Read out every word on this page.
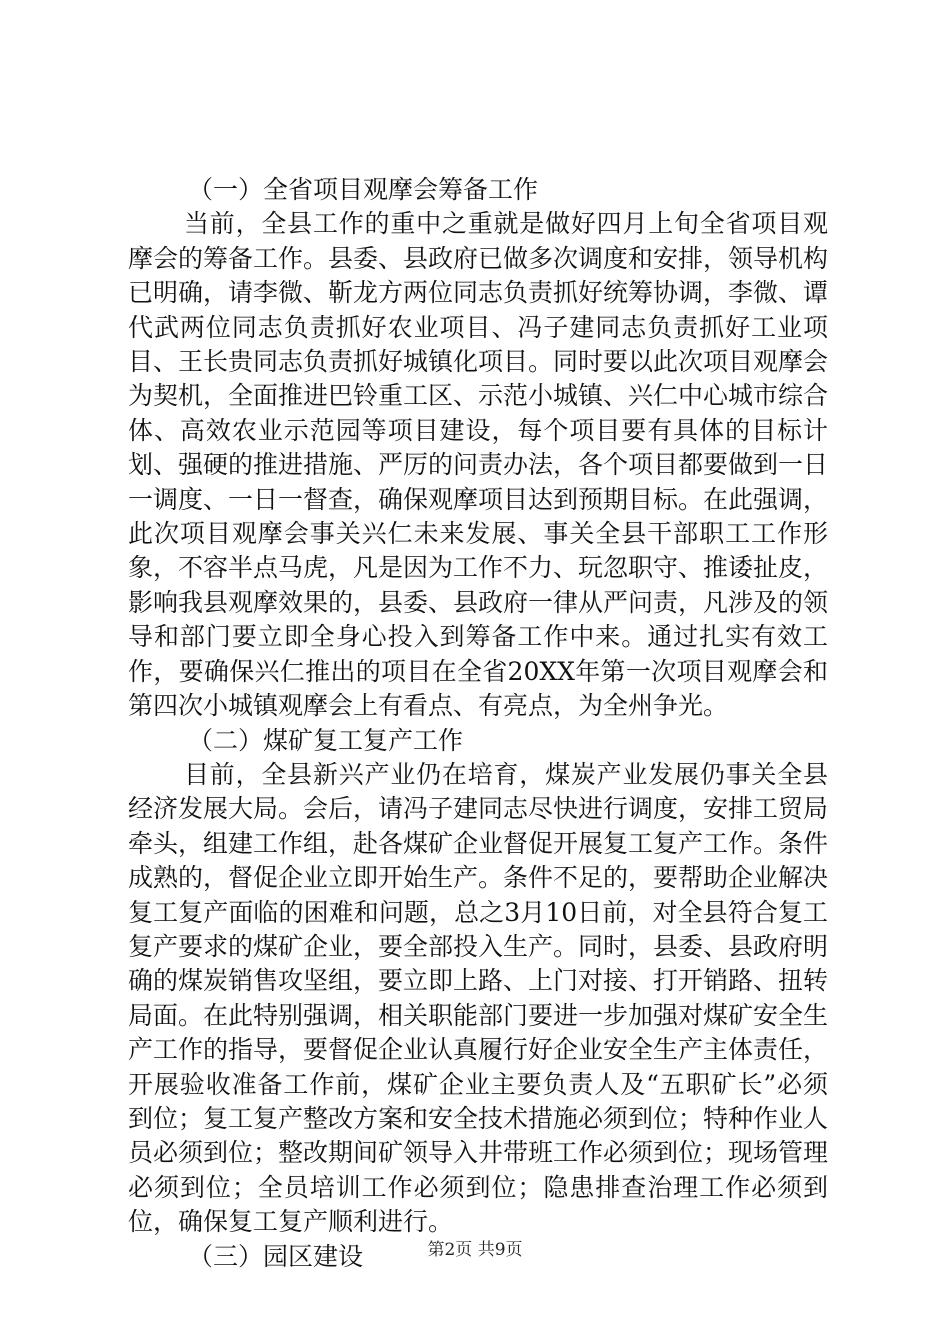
（一）全省项目观摩会筹备工作

当前，全县工作的重中之重就是做好四月上旬全省项目观摩会的筹备工作。县委、县政府已做多次调度和安排，领导机构已明确，请李微、靳龙方两位同志负责抓好统筹协调，李微、谭代武两位同志负责抓好农业项目、冯子建同志负责抓好工业项目、王长贵同志负责抓好城镇化项目。同时要以此次项目观摩会为契机，全面推进巴铃重工区、示范小城镇、兴仁中心城市综合体、高效农业示范园等项目建设，每个项目要有具体的目标计划、强硬的推进措施、严厉的问责办法，各个项目都要做到一日一调度、一日一督查，确保观摩项目达到预期目标。在此强调，此次项目观摩会事关兴仁未来发展、事关全县干部职工工作形象，不容半点马虎，凡是因为工作不力、玩忽职守、推诿扯皮，影响我县观摩效果的，县委、县政府一律从严问责，凡涉及的领导和部门要立即全身心投入到筹备工作中来。通过扎实有效工作，要确保兴仁推出的项目在全省20XX年第一次项目观摩会和第四次小城镇观摩会上有看点、有亮点，为全州争光。

（二）煤矿复工复产工作

目前，全县新兴产业仍在培育，煤炭产业发展仍事关全县经济发展大局。会后，请冯子建同志尽快进行调度，安排工贸局牵头，组建工作组，赴各煤矿企业督促开展复工复产工作。条件成熟的，督促企业立即开始生产。条件不足的，要帮助企业解决复工复产面临的困难和问题，总之3月10日前，对全县符合复工复产要求的煤矿企业，要全部投入生产。同时，县委、县政府明确的煤炭销售攻坚组，要立即上路、上门对接、打开销路、扭转局面。在此特别强调，相关职能部门要进一步加强对煤矿安全生产工作的指导，要督促企业认真履行好企业安全生产主体责任，开展验收准备工作前，煤矿企业主要负责人及“五职矿长”必须到位；复工复产整改方案和安全技术措施必须到位；特种作业人员必须到位；整改期间矿领导入井带班工作必须到位；现场管理必须到位；全员培训工作必须到位；隐患排查治理工作必须到位，确保复工复产顺利进行。

（三）园区建设	第2页 共9页
